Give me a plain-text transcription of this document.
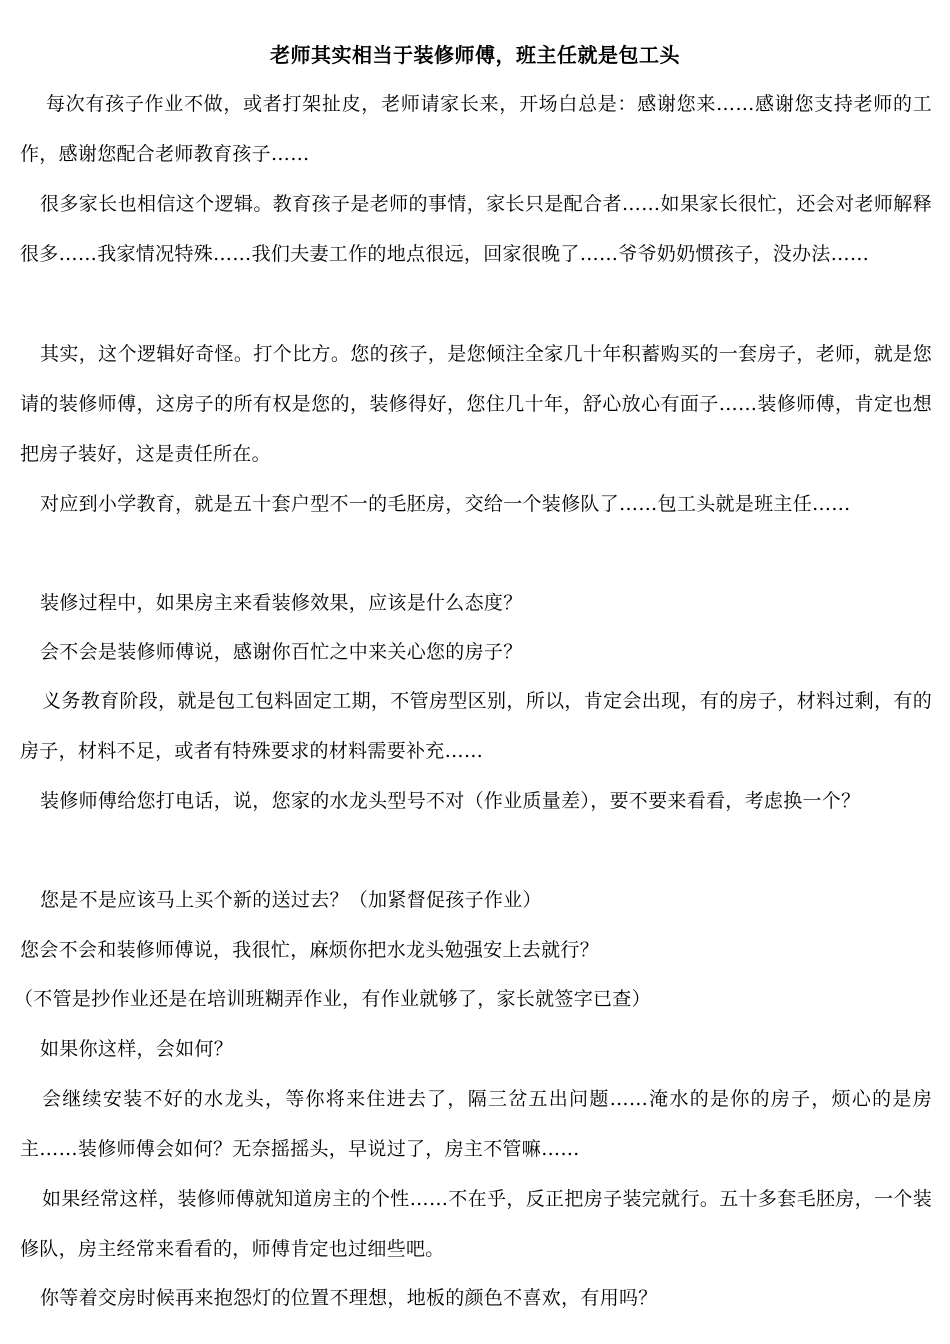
老师其实相当于装修师傅，班主任就是包工头
每次有孩子作业不做，或者打架扯皮，老师请家长来，开场白总是：感谢您来……感谢您支持老师的工作，感谢您配合老师教育孩子……
很多家长也相信这个逻辑。教育孩子是老师的事情，家长只是配合者……如果家长很忙，还会对老师解释很多……我家情况特殊……我们夫妻工作的地点很远，回家很晚了……爷爷奶奶惯孩子，没办法……
其实，这个逻辑好奇怪。打个比方。您的孩子，是您倾注全家几十年积蓄购买的一套房子，老师，就是您请的装修师傅，这房子的所有权是您的，装修得好，您住几十年，舒心放心有面子……装修师傅，肯定也想把房子装好，这是责任所在。
对应到小学教育，就是五十套户型不一的毛胚房，交给一个装修队了……包工头就是班主任……
装修过程中，如果房主来看装修效果，应该是什么态度？
会不会是装修师傅说，感谢你百忙之中来关心您的房子？
义务教育阶段，就是包工包料固定工期，不管房型区别，所以，肯定会出现，有的房子，材料过剩，有的房子，材料不足，或者有特殊要求的材料需要补充……
装修师傅给您打电话，说，您家的水龙头型号不对（作业质量差），要不要来看看，考虑换一个？
您是不是应该马上买个新的送过去？（加紧督促孩子作业）
您会不会和装修师傅说，我很忙，麻烦你把水龙头勉强安上去就行？
（不管是抄作业还是在培训班糊弄作业，有作业就够了，家长就签字已查）
如果你这样，会如何？
会继续安装不好的水龙头，等你将来住进去了，隔三岔五出问题……淹水的是你的房子，烦心的是房主……装修师傅会如何？无奈摇摇头，早说过了，房主不管嘛……
如果经常这样，装修师傅就知道房主的个性……不在乎，反正把房子装完就行。五十多套毛胚房，一个装修队，房主经常来看看的，师傅肯定也过细些吧。
你等着交房时候再来抱怨灯的位置不理想，地板的颜色不喜欢，有用吗？
